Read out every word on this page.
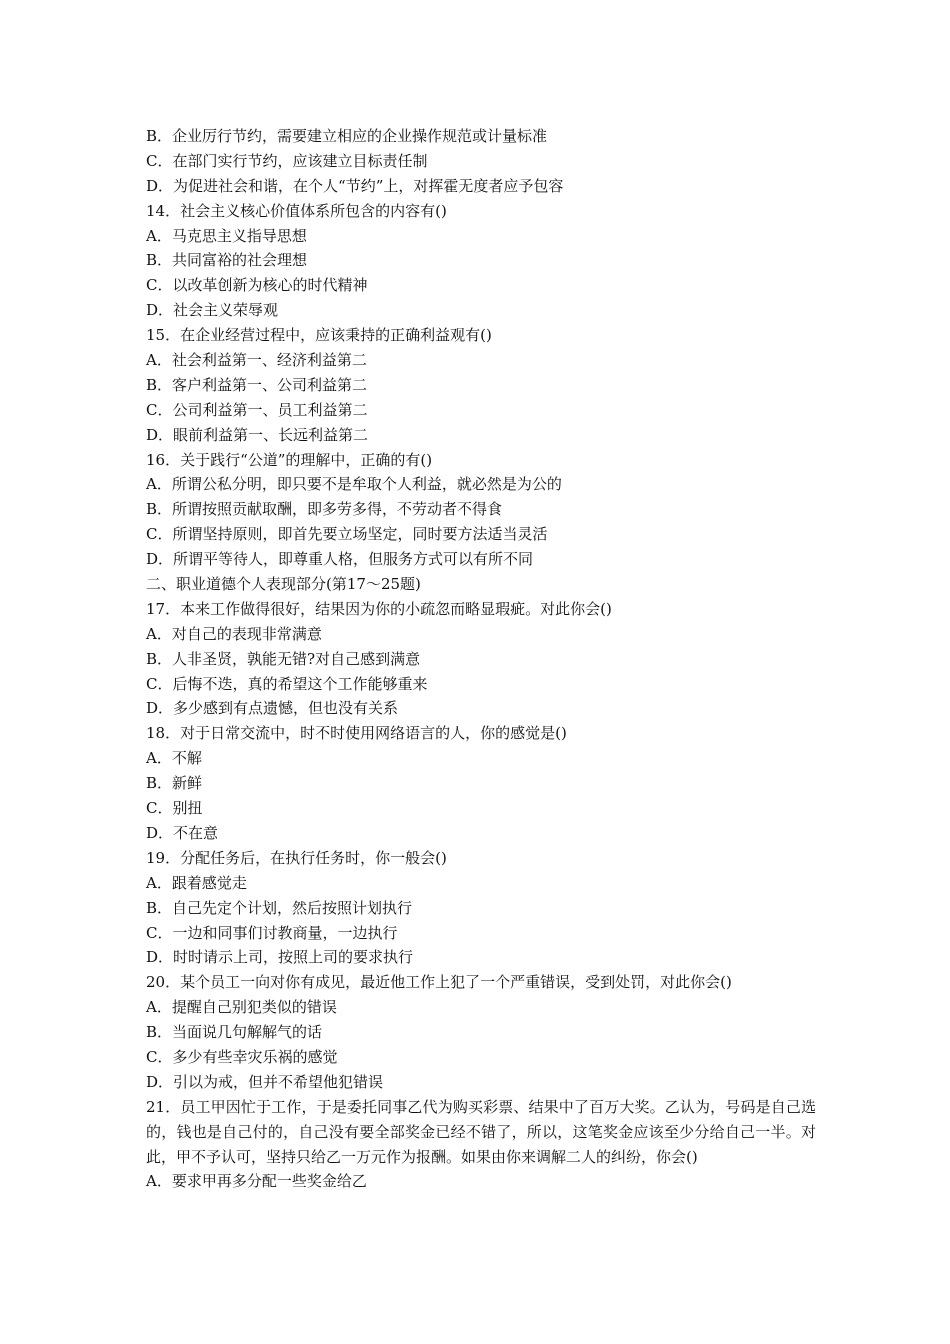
B．企业厉行节约，需要建立相应的企业操作规范或计量标准
C．在部门实行节约，应该建立目标责任制
D．为促进社会和谐，在个人“节约”上，对挥霍无度者应予包容
14．社会主义核心价值体系所包含的内容有()
A．马克思主义指导思想
B．共同富裕的社会理想
C．以改革创新为核心的时代精神
D．社会主义荣辱观
15．在企业经营过程中，应该秉持的正确利益观有()
A．社会利益第一、经济利益第二
B．客户利益第一、公司利益第二
C．公司利益第一、员工利益第二
D．眼前利益第一、长远利益第二
16．关于践行“公道”的理解中，正确的有()
A．所谓公私分明，即只要不是牟取个人利益，就必然是为公的
B．所谓按照贡献取酬，即多劳多得，不劳动者不得食
C．所谓坚持原则，即首先要立场坚定，同时要方法适当灵活
D．所谓平等待人，即尊重人格，但服务方式可以有所不同
二、职业道德个人表现部分(第17～25题)
17．本来工作做得很好，结果因为你的小疏忽而略显瑕疵。对此你会()
A．对自己的表现非常满意
B．人非圣贤，孰能无错?对自己感到满意
C．后悔不迭，真的希望这个工作能够重来
D．多少感到有点遗憾，但也没有关系
18．对于日常交流中，时不时使用网络语言的人，你的感觉是()
A．不解
B．新鲜
C．别扭
D．不在意
19．分配任务后，在执行任务时，你一般会()
A．跟着感觉走
B．自己先定个计划，然后按照计划执行
C．一边和同事们讨教商量，一边执行
D．时时请示上司，按照上司的要求执行
20．某个员工一向对你有成见，最近他工作上犯了一个严重错误，受到处罚，对此你会()
A．提醒自己别犯类似的错误
B．当面说几句解解气的话
C．多少有些幸灾乐祸的感觉
D．引以为戒，但并不希望他犯错误
21．员工甲因忙于工作，于是委托同事乙代为购买彩票、结果中了百万大奖。乙认为，号码是自己选的，钱也是自己付的，自己没有要全部奖金已经不错了，所以，这笔奖金应该至少分给自己一半。对此，甲不予认可，坚持只给乙一万元作为报酬。如果由你来调解二人的纠纷，你会()
A．要求甲再多分配一些奖金给乙
